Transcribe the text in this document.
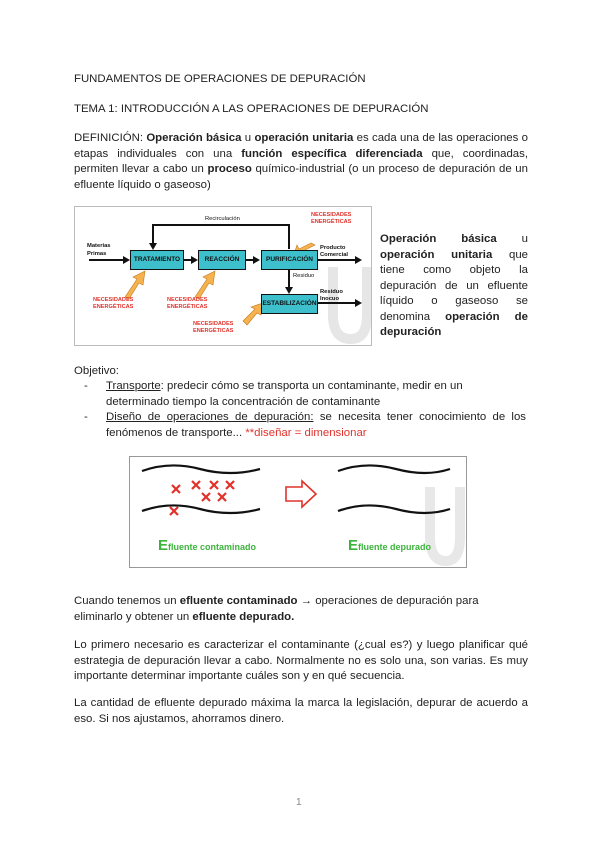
FUNDAMENTOS DE OPERACIONES DE DEPURACIÓN
TEMA 1: INTRODUCCIÓN A LAS OPERACIONES DE DEPURACIÓN
DEFINICIÓN: Operación básica u operación unitaria es cada una de las operaciones o etapas individuales con una función específica diferenciada que, coordinadas, permiten llevar a cabo un proceso químico-industrial (o un proceso de depuración de un efluente líquido o gaseoso)
Recirculación
Materias
Primas
TRATAMIENTO	REACCIÓN	PURIFICACIÓN
Producto
Comercial
Residuo
ESTABILIZACIÓN
Residuo
Inocuo
NECESIDADES
ENERGÉTICAS
NECESIDADES
ENERGÉTICAS
NECESIDADES
ENERGÉTICAS
NECESIDADES
ENERGÉTICAS
Operación básica u operación unitaria que tiene como objeto la depuración de un efluente líquido o gaseoso se denomina operación de depuración
Objetivo:
- Transporte: predecir cómo se transporta un contaminante, medir en un determinado tiempo la concentración de contaminante
- Diseño de operaciones de depuración: se necesita tener conocimiento de los fenómenos de transporte... **diseñar = dimensionar
Efluente contaminado	Efluente depurado
Cuando tenemos un efluente contaminado → operaciones de depuración para eliminarlo y obtener un efluente depurado.
Lo primero necesario es caracterizar el contaminante (¿cual es?) y luego planificar qué estrategia de depuración llevar a cabo. Normalmente no es solo una, son varias. Es muy importante determinar importante cuáles son y en qué secuencia.
La cantidad de efluente depurado máxima la marca la legislación, depurar de acuerdo a eso. Si nos ajustamos, ahorramos dinero.
1
